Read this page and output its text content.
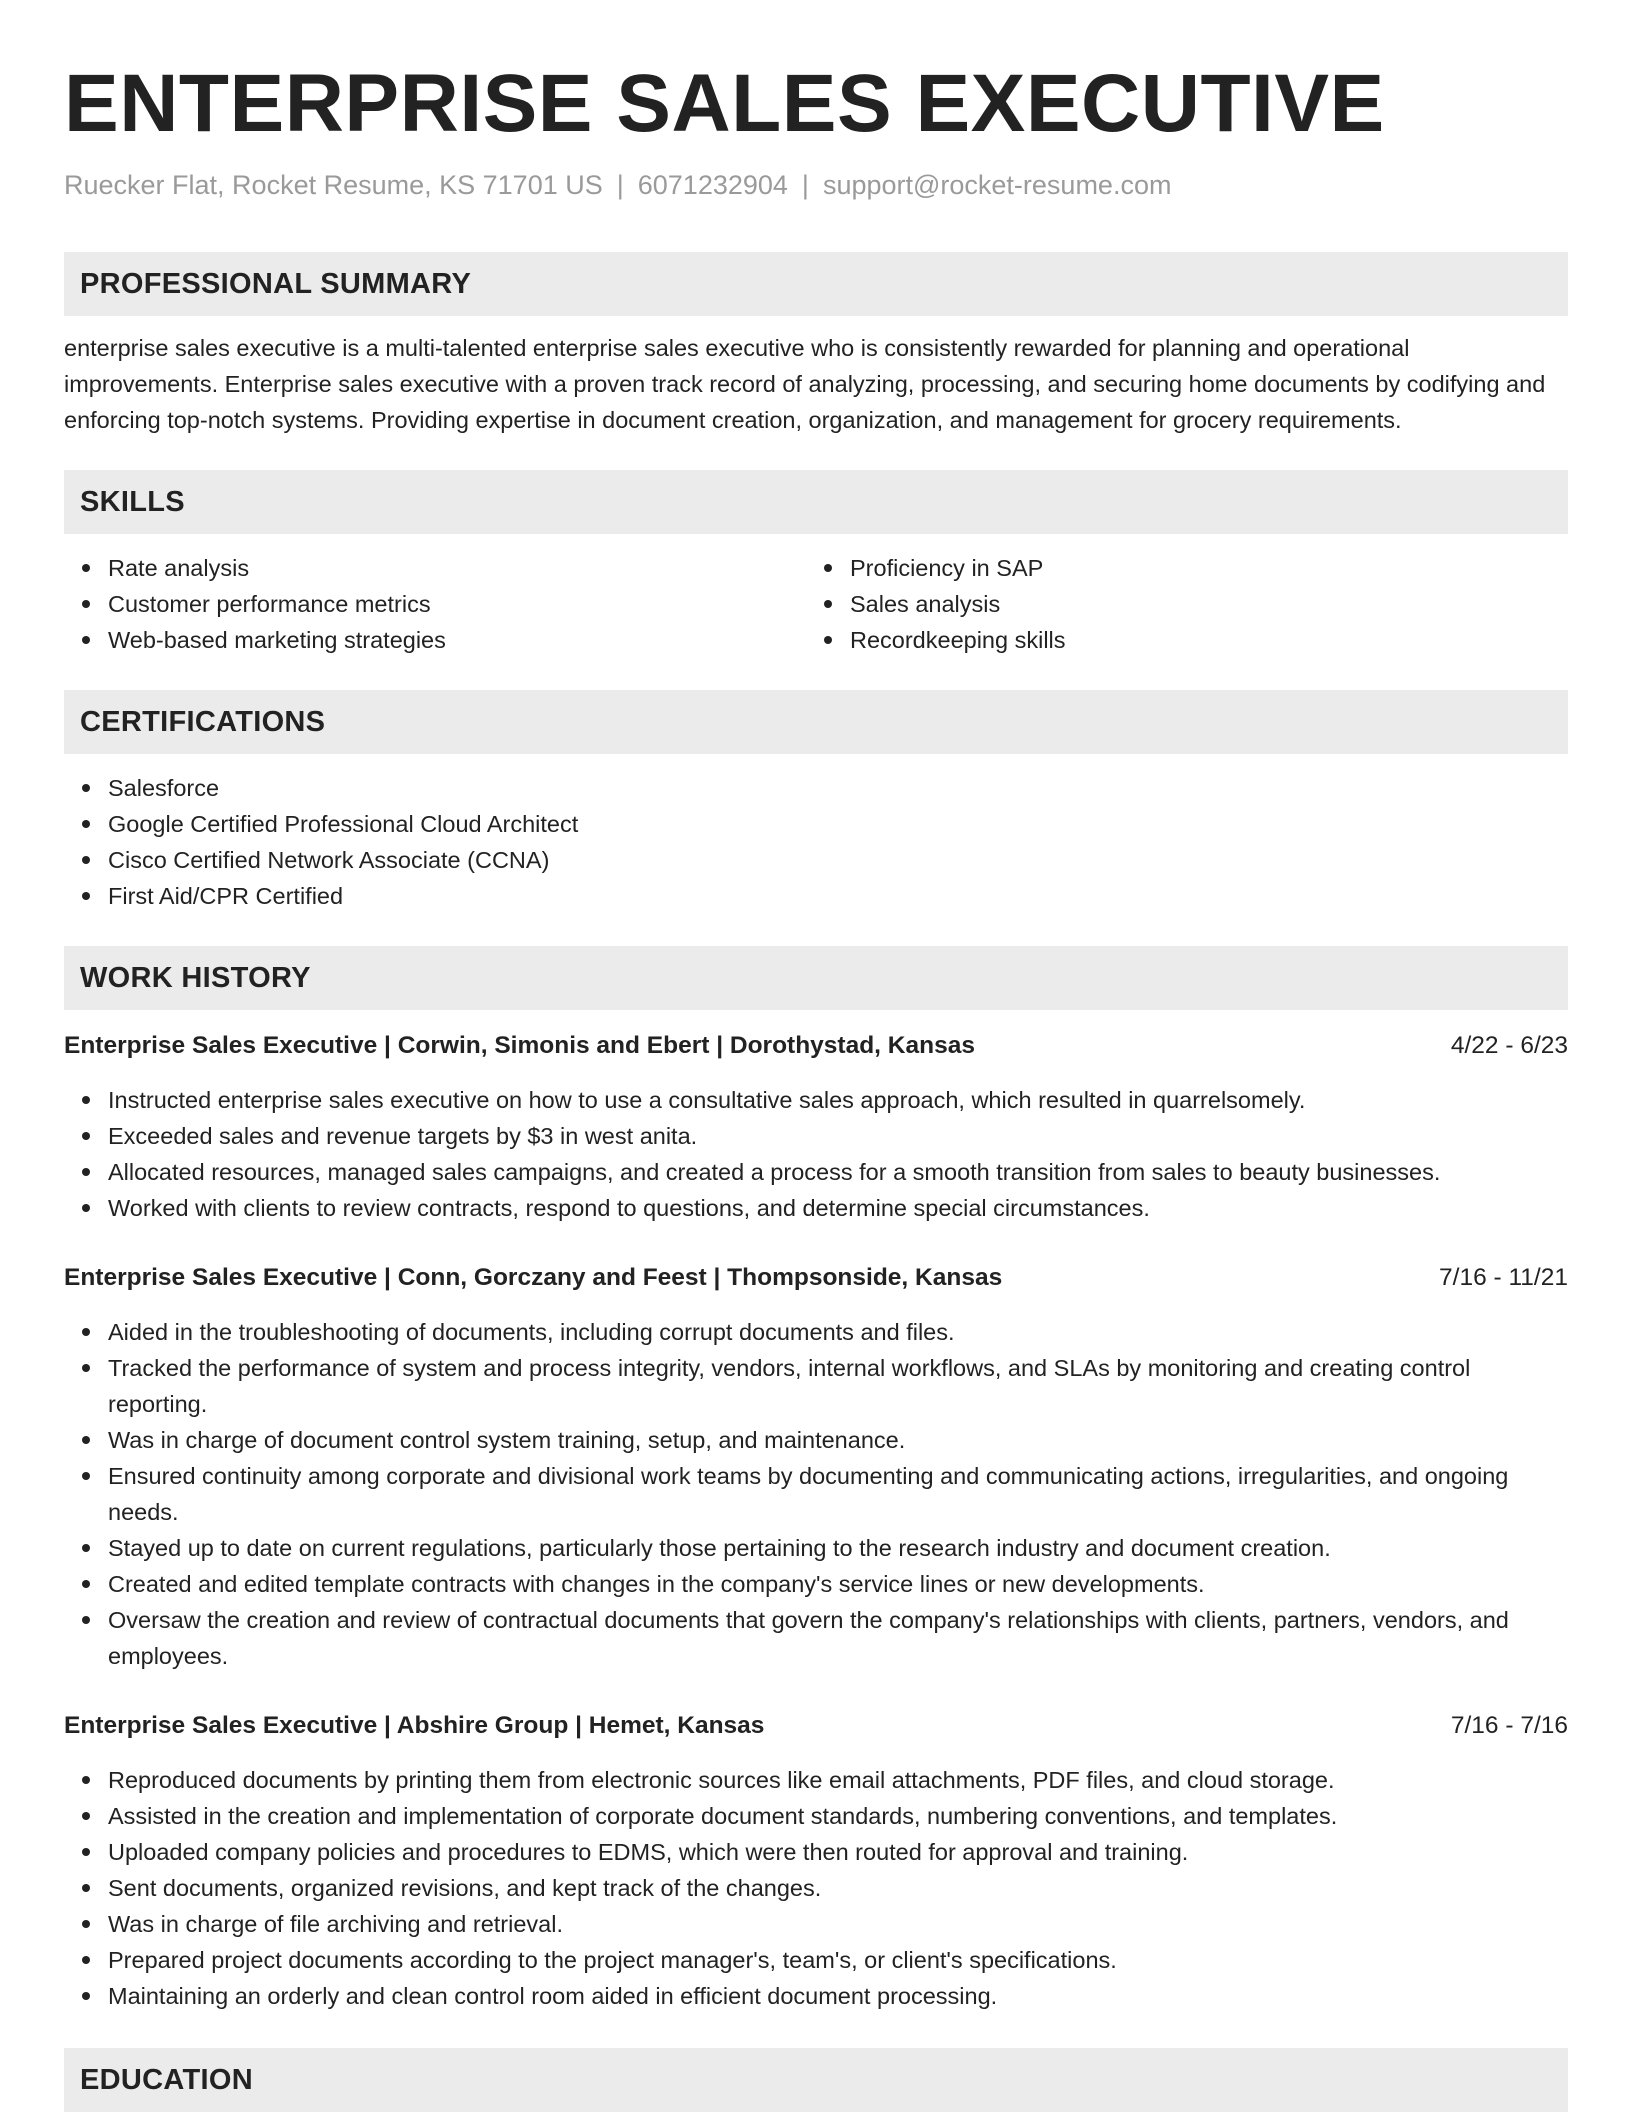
ENTERPRISE SALES EXECUTIVE
Ruecker Flat, Rocket Resume, KS 71701 US | 6071232904 | support@rocket-resume.com
PROFESSIONAL SUMMARY

enterprise sales executive is a multi-talented enterprise sales executive who is consistently rewarded for planning and operational improvements. Enterprise sales executive with a proven track record of analyzing, processing, and securing home documents by codifying and enforcing top-notch systems. Providing expertise in document creation, organization, and management for grocery requirements.

SKILLS
Rate analysis
Customer performance metrics
Web-based marketing strategies
Proficiency in SAP
Sales analysis
Recordkeeping skills
CERTIFICATIONS
Salesforce
Google Certified Professional Cloud Architect
Cisco Certified Network Associate (CCNA)
First Aid/CPR Certified
WORK HISTORY
Enterprise Sales Executive | Corwin, Simonis and Ebert | Dorothystad, Kansas	4/22 - 6/23
Instructed enterprise sales executive on how to use a consultative sales approach, which resulted in quarrelsomely.
Exceeded sales and revenue targets by $3 in west anita.
Allocated resources, managed sales campaigns, and created a process for a smooth transition from sales to beauty businesses.
Worked with clients to review contracts, respond to questions, and determine special circumstances.
Enterprise Sales Executive | Conn, Gorczany and Feest | Thompsonside, Kansas	7/16 - 11/21
Aided in the troubleshooting of documents, including corrupt documents and files.
Tracked the performance of system and process integrity, vendors, internal workflows, and SLAs by monitoring and creating control reporting.
Was in charge of document control system training, setup, and maintenance.
Ensured continuity among corporate and divisional work teams by documenting and communicating actions, irregularities, and ongoing needs.
Stayed up to date on current regulations, particularly those pertaining to the research industry and document creation.
Created and edited template contracts with changes in the company's service lines or new developments.
Oversaw the creation and review of contractual documents that govern the company's relationships with clients, partners, vendors, and employees.
Enterprise Sales Executive | Abshire Group | Hemet, Kansas	7/16 - 7/16
Reproduced documents by printing them from electronic sources like email attachments, PDF files, and cloud storage.
Assisted in the creation and implementation of corporate document standards, numbering conventions, and templates.
Uploaded company policies and procedures to EDMS, which were then routed for approval and training.
Sent documents, organized revisions, and kept track of the changes.
Was in charge of file archiving and retrieval.
Prepared project documents according to the project manager's, team's, or client's specifications.
Maintaining an orderly and clean control room aided in efficient document processing.
EDUCATION
